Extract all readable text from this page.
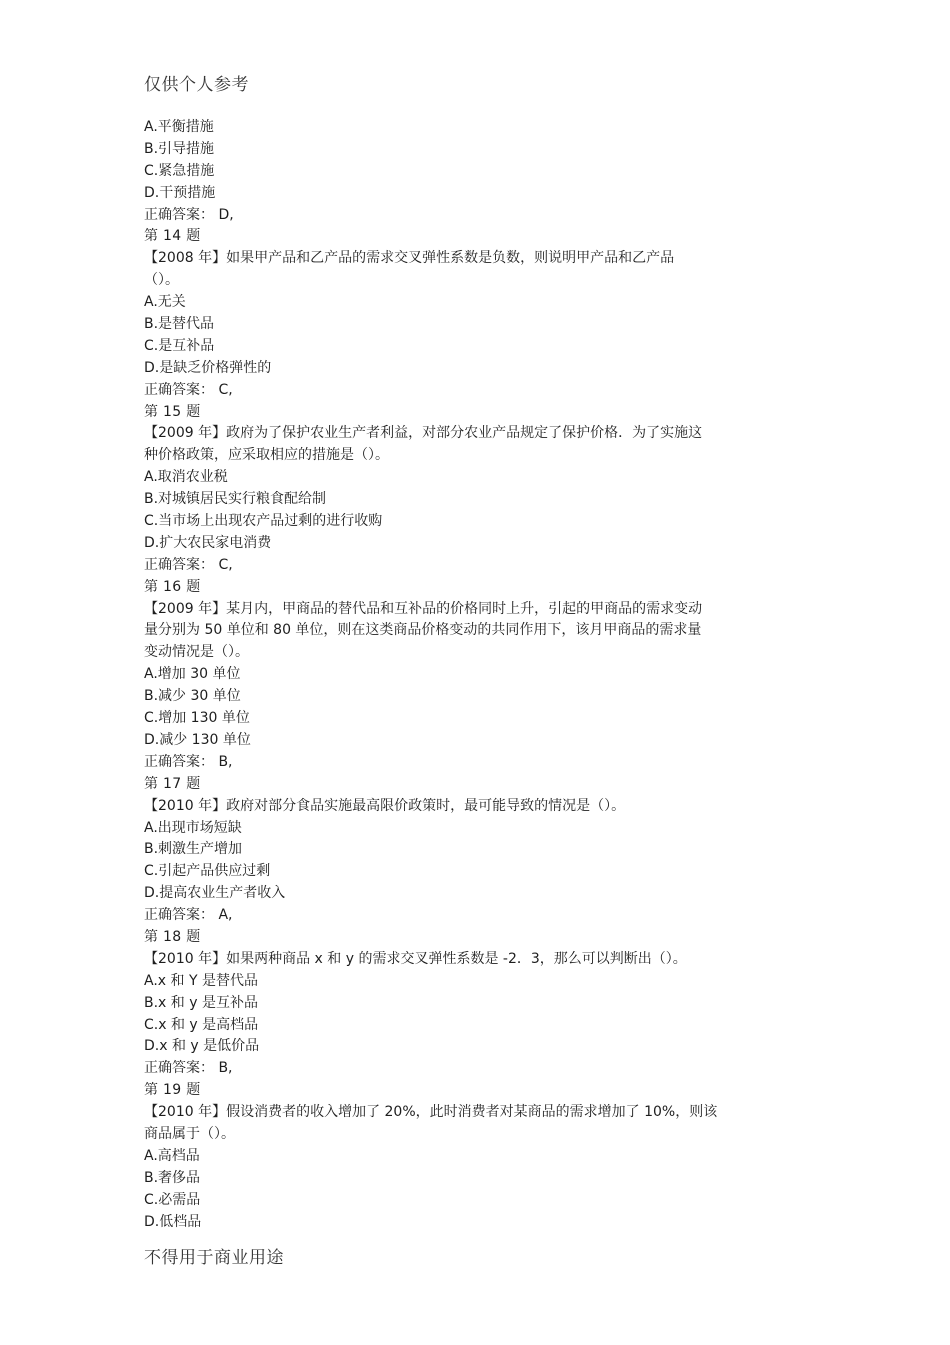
仅供个人参考
A.平衡措施
B.引导措施
C.紧急措施
D.干预措施
正确答案： D,
第 14 题
【2008 年】如果甲产品和乙产品的需求交叉弹性系数是负数，则说明甲产品和乙产品
（）。
A.无关
B.是替代品
C.是互补品
D.是缺乏价格弹性的
正确答案： C,
第 15 题
【2009 年】政府为了保护农业生产者利益，对部分农业产品规定了保护价格．为了实施这
种价格政策，应采取相应的措施是（）。
A.取消农业税
B.对城镇居民实行粮食配给制
C.当市场上出现农产品过剩的进行收购
D.扩大农民家电消费
正确答案： C,
第 16 题
【2009 年】某月内，甲商品的替代品和互补品的价格同时上升，引起的甲商品的需求变动
量分别为 50 单位和 80 单位，则在这类商品价格变动的共同作用下，该月甲商品的需求量
变动情况是（）。
A.增加 30 单位
B.减少 30 单位
C.增加 130 单位
D.减少 130 单位
正确答案： B,
第 17 题
【2010 年】政府对部分食品实施最高限价政策时，最可能导致的情况是（）。
A.出现市场短缺
B.刺激生产增加
C.引起产品供应过剩
D.提高农业生产者收入
正确答案： A,
第 18 题
【2010 年】如果两种商品 x 和 y 的需求交叉弹性系数是 -2．3，那么可以判断出（）。
A.x 和 Y 是替代品
B.x 和 y 是互补品
C.x 和 y 是高档品
D.x 和 y 是低价品
正确答案： B,
第 19 题
【2010 年】假设消费者的收入增加了 20%，此时消费者对某商品的需求增加了 10%，则该
商品属于（）。
A.高档品
B.奢侈品
C.必需品
D.低档品
不得用于商业用途
